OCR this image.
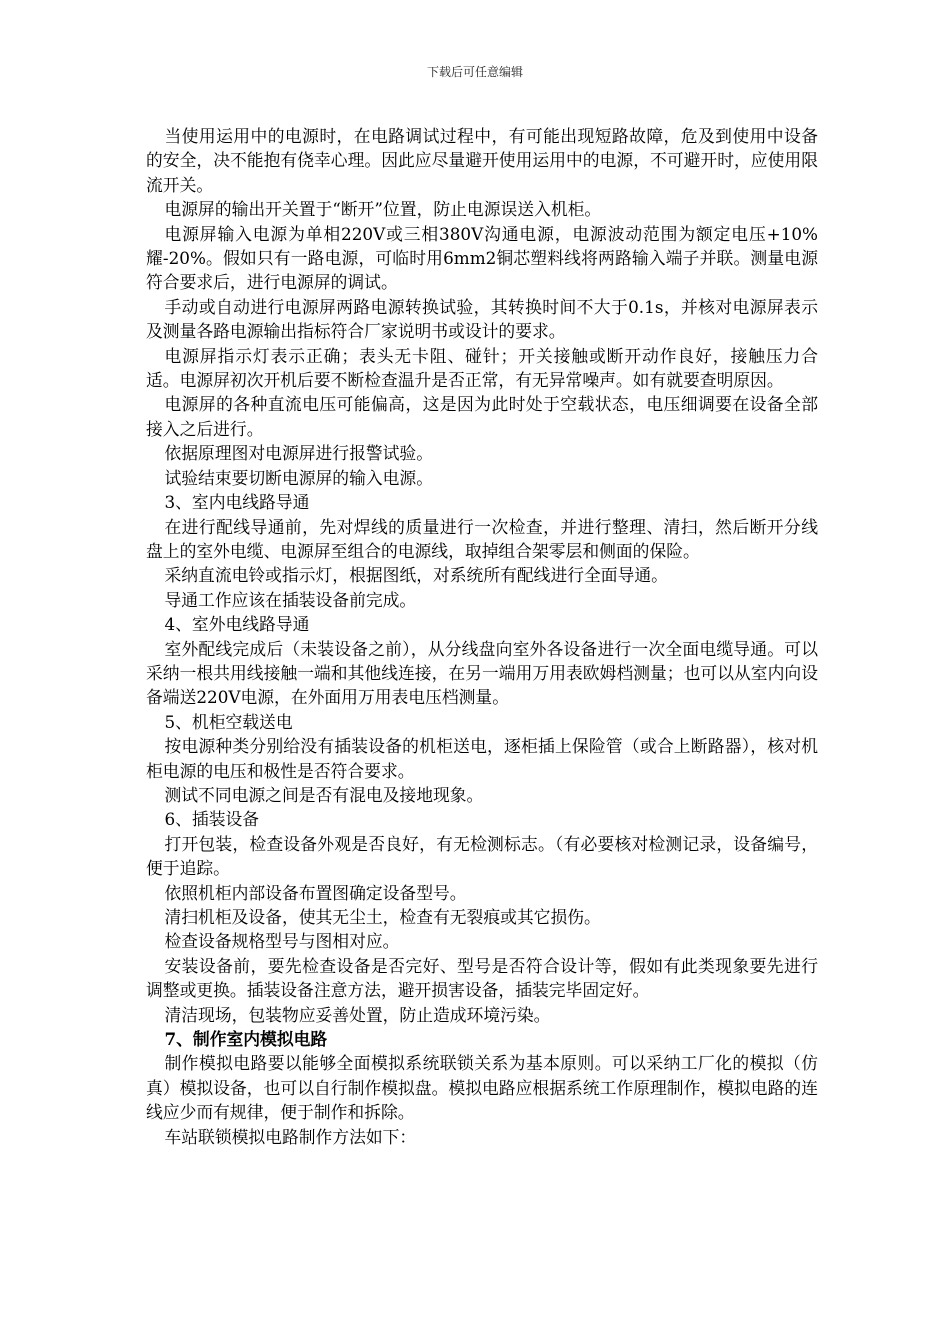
下载后可任意编辑

当使用运用中的电源时，在电路调试过程中，有可能出现短路故障，危及到使用中设备的安全，决不能抱有侥幸心理。因此应尽量避开使用运用中的电源，不可避开时，应使用限流开关。

电源屏的输出开关置于“断开”位置，防止电源误送入机柜。

电源屏输入电源为单相220V或三相380V沟通电源，电源波动范围为额定电压+10%耀-20%。假如只有一路电源，可临时用6mm2铜芯塑料线将两路输入端子并联。测量电源符合要求后，进行电源屏的调试。

手动或自动进行电源屏两路电源转换试验，其转换时间不大于0.1s，并核对电源屏表示及测量各路电源输出指标符合厂家说明书或设计的要求。

电源屏指示灯表示正确；表头无卡阻、碰针；开关接触或断开动作良好，接触压力合适。电源屏初次开机后要不断检查温升是否正常，有无异常噪声。如有就要查明原因。

电源屏的各种直流电压可能偏高，这是因为此时处于空载状态，电压细调要在设备全部接入之后进行。

依据原理图对电源屏进行报警试验。

试验结束要切断电源屏的输入电源。

3、室内电线路导通

在进行配线导通前，先对焊线的质量进行一次检查，并进行整理、清扫，然后断开分线盘上的室外电缆、电源屏至组合的电源线，取掉组合架零层和侧面的保险。

采纳直流电铃或指示灯，根据图纸，对系统所有配线进行全面导通。

导通工作应该在插装设备前完成。

4、室外电线路导通

室外配线完成后（未装设备之前），从分线盘向室外各设备进行一次全面电缆导通。可以采纳一根共用线接触一端和其他线连接，在另一端用万用表欧姆档测量；也可以从室内向设备端送220V电源，在外面用万用表电压档测量。

5、机柜空载送电

按电源种类分别给没有插装设备的机柜送电，逐柜插上保险管（或合上断路器），核对机柜电源的电压和极性是否符合要求。

测试不同电源之间是否有混电及接地现象。

6、插装设备

打开包装，检查设备外观是否良好，有无检测标志。（有必要核对检测记录，设备编号，便于追踪。

依照机柜内部设备布置图确定设备型号。

清扫机柜及设备，使其无尘土，检查有无裂痕或其它损伤。

检查设备规格型号与图相对应。

安装设备前，要先检查设备是否完好、型号是否符合设计等，假如有此类现象要先进行调整或更换。插装设备注意方法，避开损害设备，插装完毕固定好。

清洁现场，包装物应妥善处置，防止造成环境污染。

7、制作室内模拟电路

制作模拟电路要以能够全面模拟系统联锁关系为基本原则。可以采纳工厂化的模拟（仿真）模拟设备，也可以自行制作模拟盘。模拟电路应根据系统工作原理制作，模拟电路的连线应少而有规律，便于制作和拆除。

车站联锁模拟电路制作方法如下：
